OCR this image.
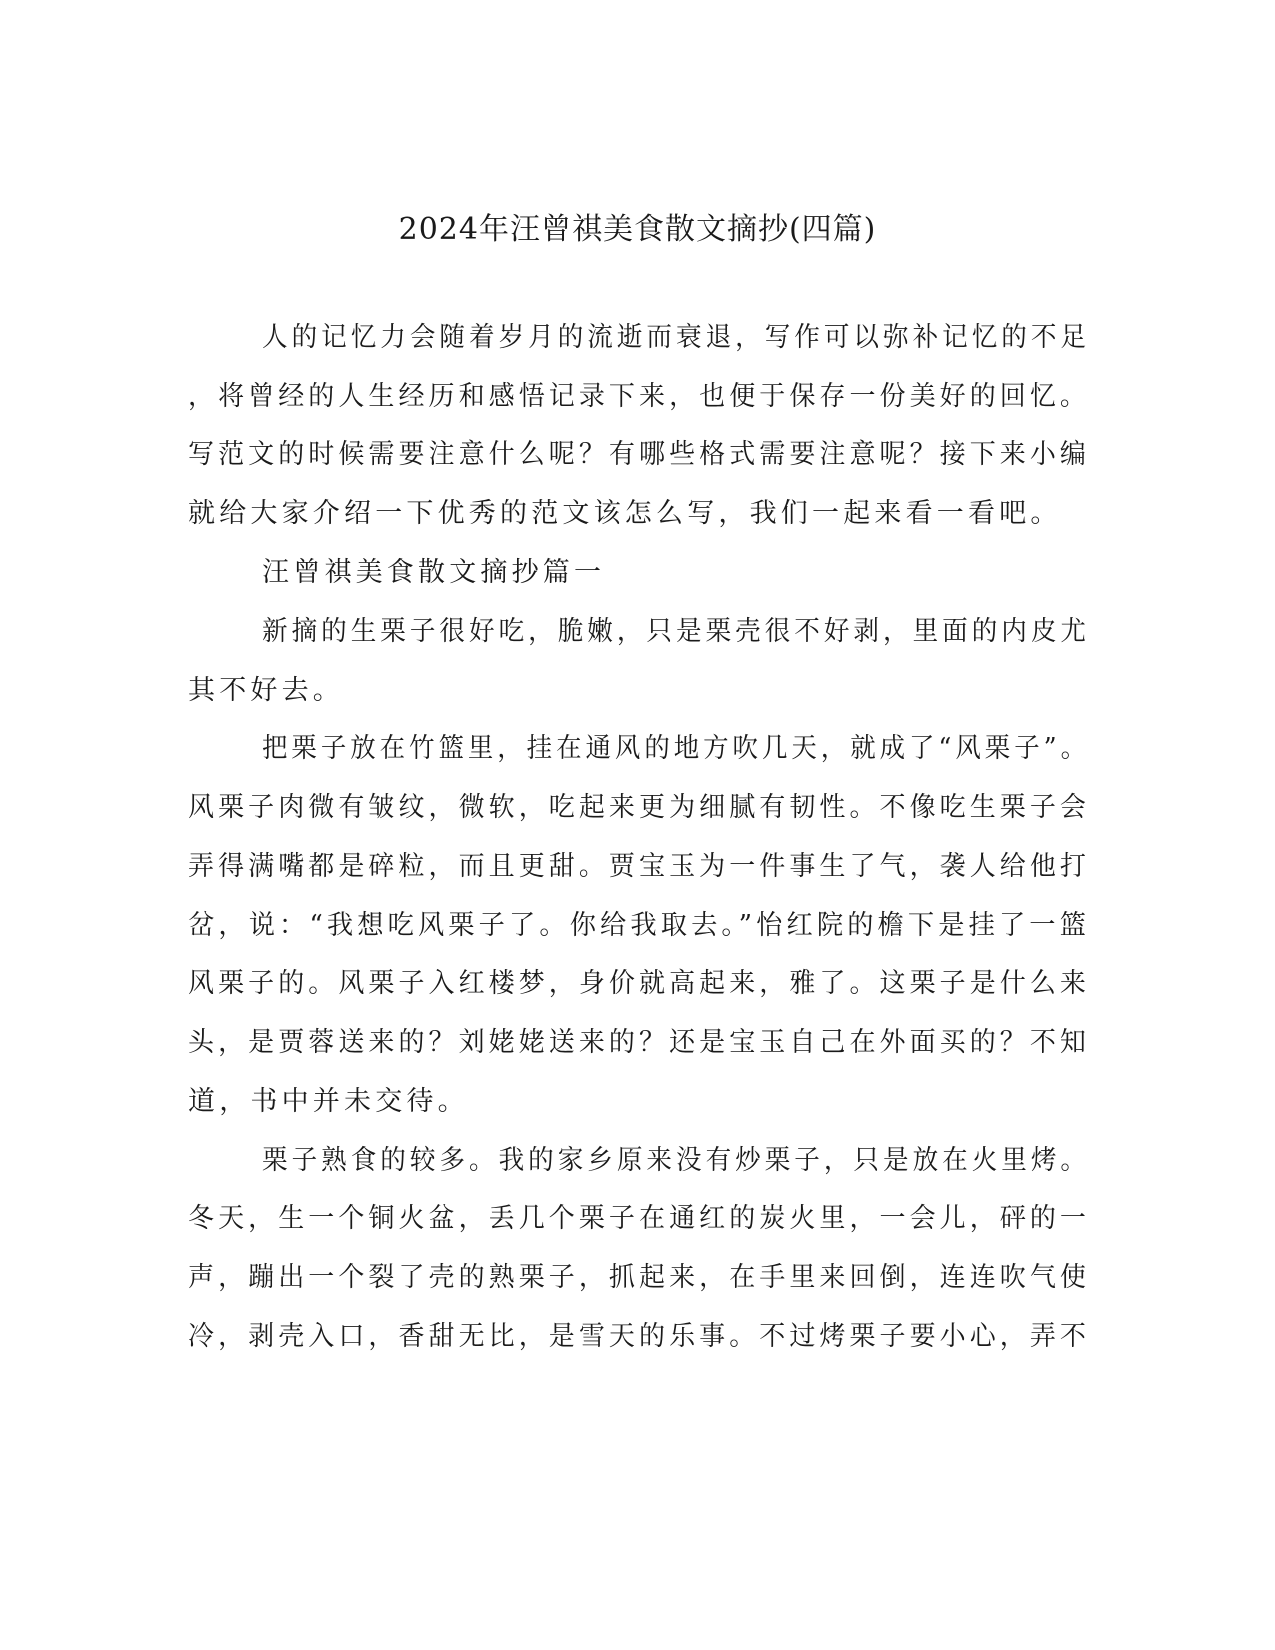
2024年汪曾祺美食散文摘抄(四篇)
人的记忆力会随着岁月的流逝而衰退，写作可以弥补记忆的不足
，将曾经的人生经历和感悟记录下来，也便于保存一份美好的回忆。
写范文的时候需要注意什么呢？有哪些格式需要注意呢？接下来小编
就给大家介绍一下优秀的范文该怎么写，我们一起来看一看吧。
汪曾祺美食散文摘抄篇一
新摘的生栗子很好吃，脆嫩，只是栗壳很不好剥，里面的内皮尤
其不好去。
把栗子放在竹篮里，挂在通风的地方吹几天，就成了“风栗子”。
风栗子肉微有皱纹，微软，吃起来更为细腻有韧性。不像吃生栗子会
弄得满嘴都是碎粒，而且更甜。贾宝玉为一件事生了气，袭人给他打
岔，说：“我想吃风栗子了。你给我取去。”怡红院的檐下是挂了一篮
风栗子的。风栗子入红楼梦，身价就高起来，雅了。这栗子是什么来
头，是贾蓉送来的？刘姥姥送来的？还是宝玉自己在外面买的？不知
道，书中并未交待。
栗子熟食的较多。我的家乡原来没有炒栗子，只是放在火里烤。
冬天，生一个铜火盆，丢几个栗子在通红的炭火里，一会儿，砰的一
声，蹦出一个裂了壳的熟栗子，抓起来，在手里来回倒，连连吹气使
冷，剥壳入口，香甜无比，是雪天的乐事。不过烤栗子要小心，弄不
